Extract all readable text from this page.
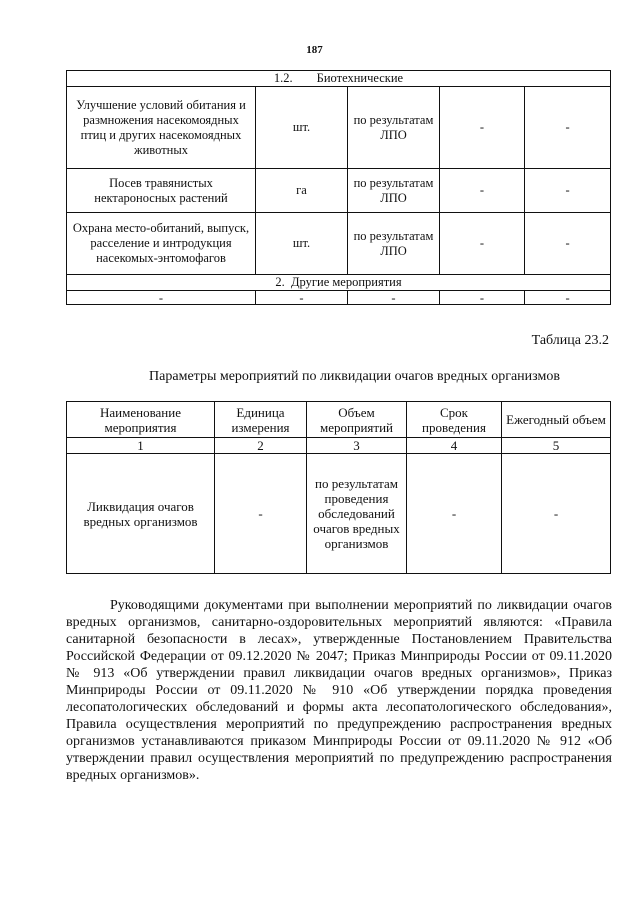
187
1.2. Биотехнические				
Улучшение условий обитания и размножения насекомоядных птиц и других насекомоядных животных	шт.	по результатам ЛПО	-	-
Посев травянистых нектароносных растений	га	по результатам ЛПО	-	-
Охрана место-обитаний, выпуск, расселение и интродукция насекомых-энтомофагов	шт.	по результатам ЛПО	-	-
2. Другие мероприятия				
-	-	-	-	-
Таблица 23.2
Параметры мероприятий по ликвидации очагов вредных организмов
Наименование мероприятия	Единица измерения	Объем мероприятий	Срок проведения	Ежегодный объем
1	2	3	4	5
Ликвидация очагов вредных организмов	-	по результатам проведения обследований очагов вредных организмов	-	-

Руководящими документами при выполнении мероприятий по ликвидации очагов вредных организмов, санитарно-оздоровительных мероприятий являются: «Правила санитарной безопасности в лесах», утвержденные Постановлением Правительства Российской Федерации от 09.12.2020 № 2047; Приказ Минприроды России от 09.11.2020 № 913 «Об утверждении правил ликвидации очагов вредных организмов», Приказ Минприроды России от 09.11.2020 № 910 «Об утверждении порядка проведения лесопатологических обследований и формы акта лесопатологического обследования», Правила осуществления мероприятий по предупреждению распространения вредных организмов устанавливаются приказом Минприроды России от 09.11.2020 № 912 «Об утверждении правил осуществления мероприятий по предупреждению распространения вредных организмов».
